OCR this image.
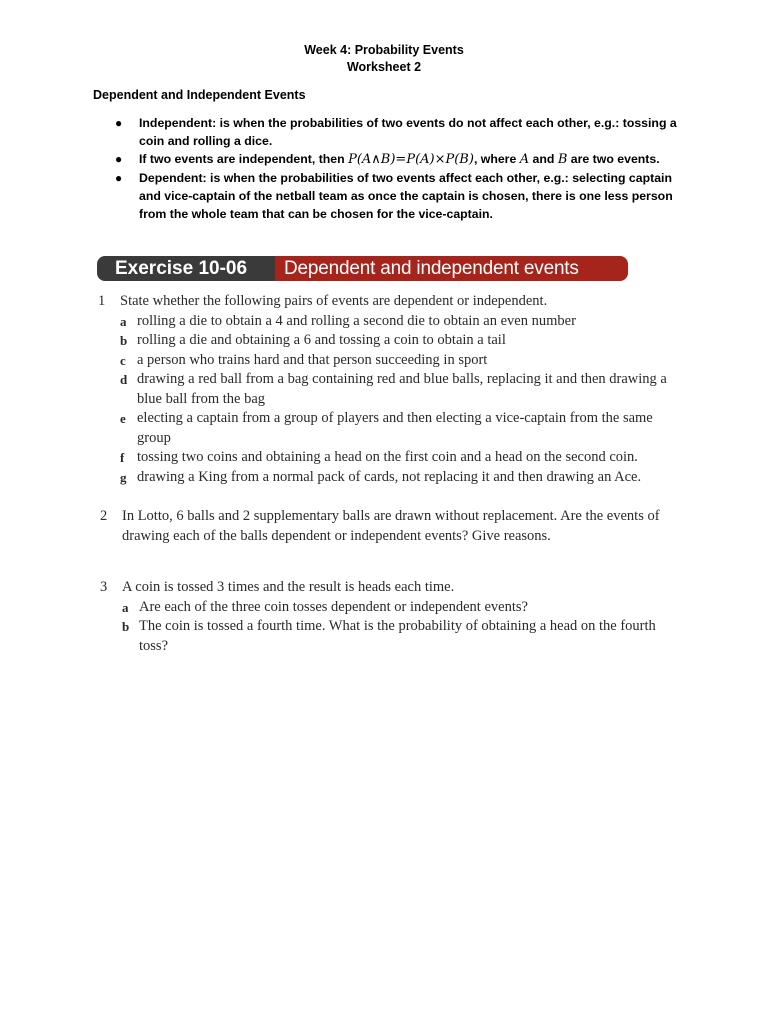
Week 4: Probability Events
Worksheet 2
Dependent and Independent Events
● Independent: is when the probabilities of two events do not affect each other, e.g.: tossing a coin and rolling a dice.
● If two events are independent, then P(A∧B)=P(A)×P(B), where A and B are two events.
● Dependent: is when the probabilities of two events affect each other, e.g.: selecting captain and vice-captain of the netball team as once the captain is chosen, there is one less person from the whole team that can be chosen for the vice-captain.
Exercise 10-06	Dependent and independent events
1 State whether the following pairs of events are dependent or independent.
a rolling a die to obtain a 4 and rolling a second die to obtain an even number
b rolling a die and obtaining a 6 and tossing a coin to obtain a tail
c a person who trains hard and that person succeeding in sport
d drawing a red ball from a bag containing red and blue balls, replacing it and then drawing a blue ball from the bag
e electing a captain from a group of players and then electing a vice-captain from the same group
f tossing two coins and obtaining a head on the first coin and a head on the second coin.
g drawing a King from a normal pack of cards, not replacing it and then drawing an Ace.
2 In Lotto, 6 balls and 2 supplementary balls are drawn without replacement. Are the events of drawing each of the balls dependent or independent events? Give reasons.
3 A coin is tossed 3 times and the result is heads each time.
a Are each of the three coin tosses dependent or independent events?
b The coin is tossed a fourth time. What is the probability of obtaining a head on the fourth toss?
